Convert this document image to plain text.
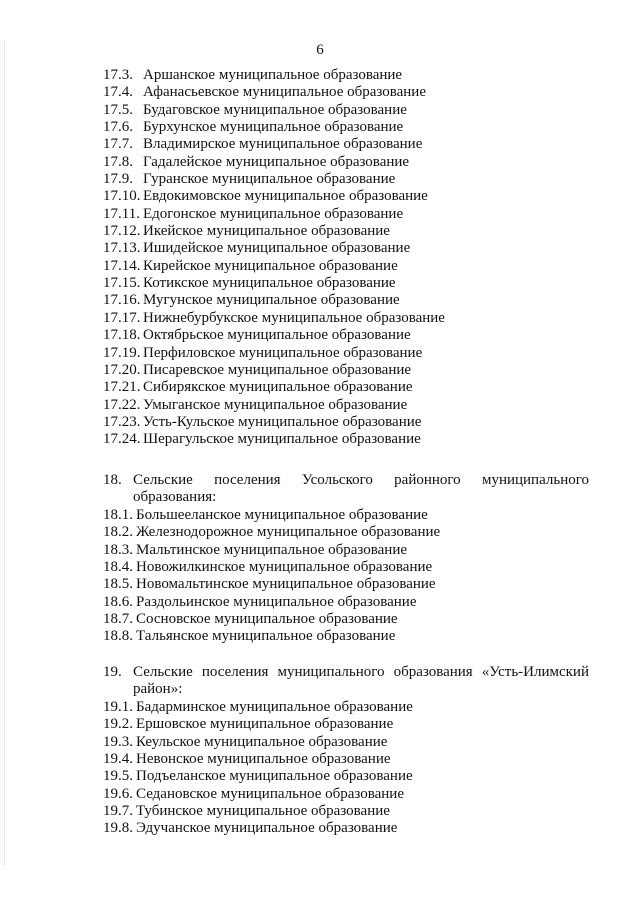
6
17.3. Аршанское муниципальное образование
17.4. Афанасьевское муниципальное образование
17.5. Будаговское муниципальное образование
17.6. Бурхунское муниципальное образование
17.7. Владимирское муниципальное образование
17.8. Гадалейское муниципальное образование
17.9. Гуранское муниципальное образование
17.10. Евдокимовское муниципальное образование
17.11. Едогонское муниципальное образование
17.12. Икейское муниципальное образование
17.13. Ишидейское муниципальное образование
17.14. Кирейское муниципальное образование
17.15. Котикское муниципальное образование
17.16. Мугунское муниципальное образование
17.17. Нижнебурбукское муниципальное образование
17.18. Октябрьское муниципальное образование
17.19. Перфиловское муниципальное образование
17.20. Писаревское муниципальное образование
17.21. Сибирякское муниципальное образование
17.22. Умыганское муниципальное образование
17.23. Усть-Кульское муниципальное образование
17.24. Шерагульское муниципальное образование
18. Сельские поселения Усольского районного муниципального образования:
18.1. Большееланское муниципальное образование
18.2. Железнодорожное муниципальное образование
18.3. Мальтинское муниципальное образование
18.4. Новожилкинское муниципальное образование
18.5. Новомальтинское муниципальное образование
18.6. Раздольинское муниципальное образование
18.7. Сосновское муниципальное образование
18.8. Тальянское муниципальное образование
19. Сельские поселения муниципального образования «Усть-Илимский район»:
19.1. Бадарминское муниципальное образование
19.2. Ершовское муниципальное образование
19.3. Кеульское муниципальное образование
19.4. Невонское муниципальное образование
19.5. Подъеланское муниципальное образование
19.6. Седановское муниципальное образование
19.7. Тубинское муниципальное образование
19.8. Эдучанское муниципальное образование
